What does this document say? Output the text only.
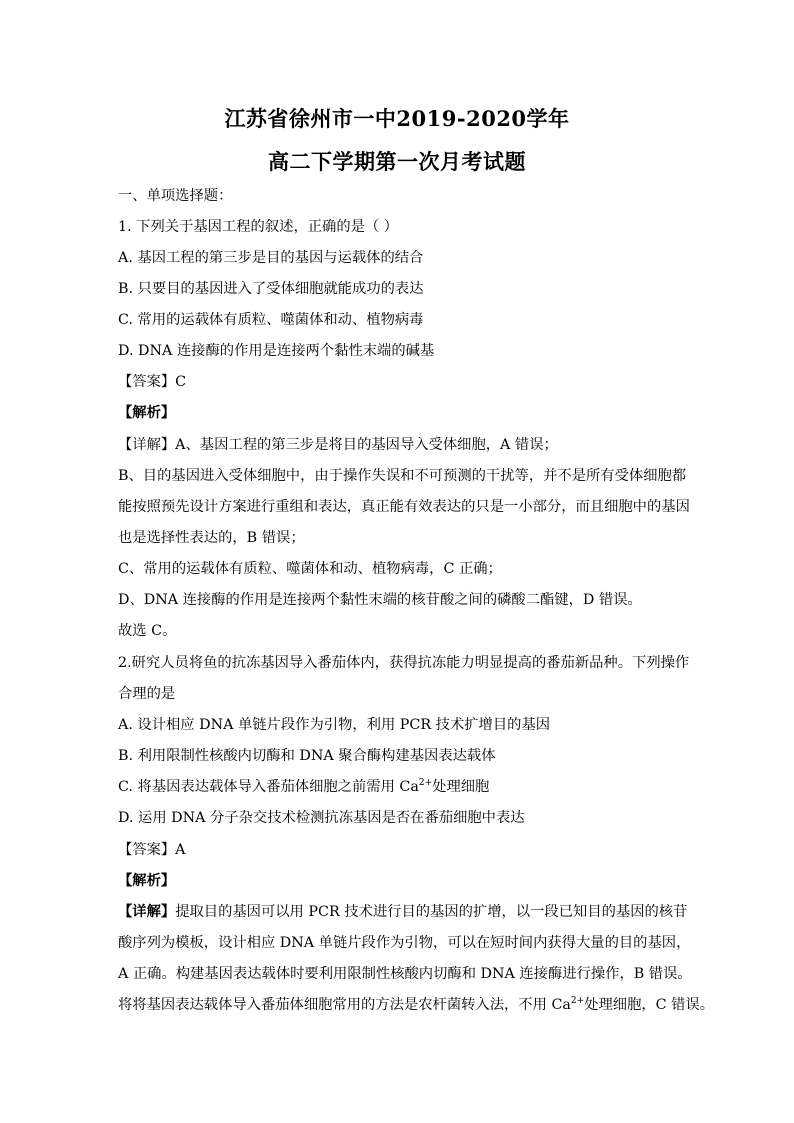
江苏省徐州市一中2019-2020学年
高二下学期第一次月考试题
一、单项选择题：
1. 下列关于基因工程的叙述，正确的是（ ）
A. 基因工程的第三步是目的基因与运载体的结合
B. 只要目的基因进入了受体细胞就能成功的表达
C. 常用的运载体有质粒、噬菌体和动、植物病毒
D. DNA 连接酶的作用是连接两个黏性末端的碱基
【答案】C
【解析】
【详解】A、基因工程的第三步是将目的基因导入受体细胞，A 错误；
B、目的基因进入受体细胞中，由于操作失误和不可预测的干扰等，并不是所有受体细胞都
能按照预先设计方案进行重组和表达，真正能有效表达的只是一小部分，而且细胞中的基因
也是选择性表达的，B 错误；
C、常用的运载体有质粒、噬菌体和动、植物病毒，C 正确；
D、DNA 连接酶的作用是连接两个黏性末端的核苷酸之间的磷酸二酯键，D 错误。
故选 C。
2.研究人员将鱼的抗冻基因导入番茄体内，获得抗冻能力明显提高的番茄新品种。下列操作
合理的是
A. 设计相应 DNA 单链片段作为引物，利用 PCR 技术扩增目的基因
B. 利用限制性核酸内切酶和 DNA 聚合酶构建基因表达载体
C. 将基因表达载体导入番茄体细胞之前需用 $Ca^{2+}$处理细胞
D. 运用 DNA 分子杂交技术检测抗冻基因是否在番茄细胞中表达
【答案】A
【解析】
【详解】提取目的基因可以用 PCR 技术进行目的基因的扩增，以一段已知目的基因的核苷
酸序列为模板，设计相应 DNA 单链片段作为引物，可以在短时间内获得大量的目的基因，
A 正确。构建基因表达载体时要利用限制性核酸内切酶和 DNA 连接酶进行操作，B 错误。
将将基因表达载体导入番茄体细胞常用的方法是农杆菌转入法，不用 $Ca^{2+}$处理细胞，C 错误。
